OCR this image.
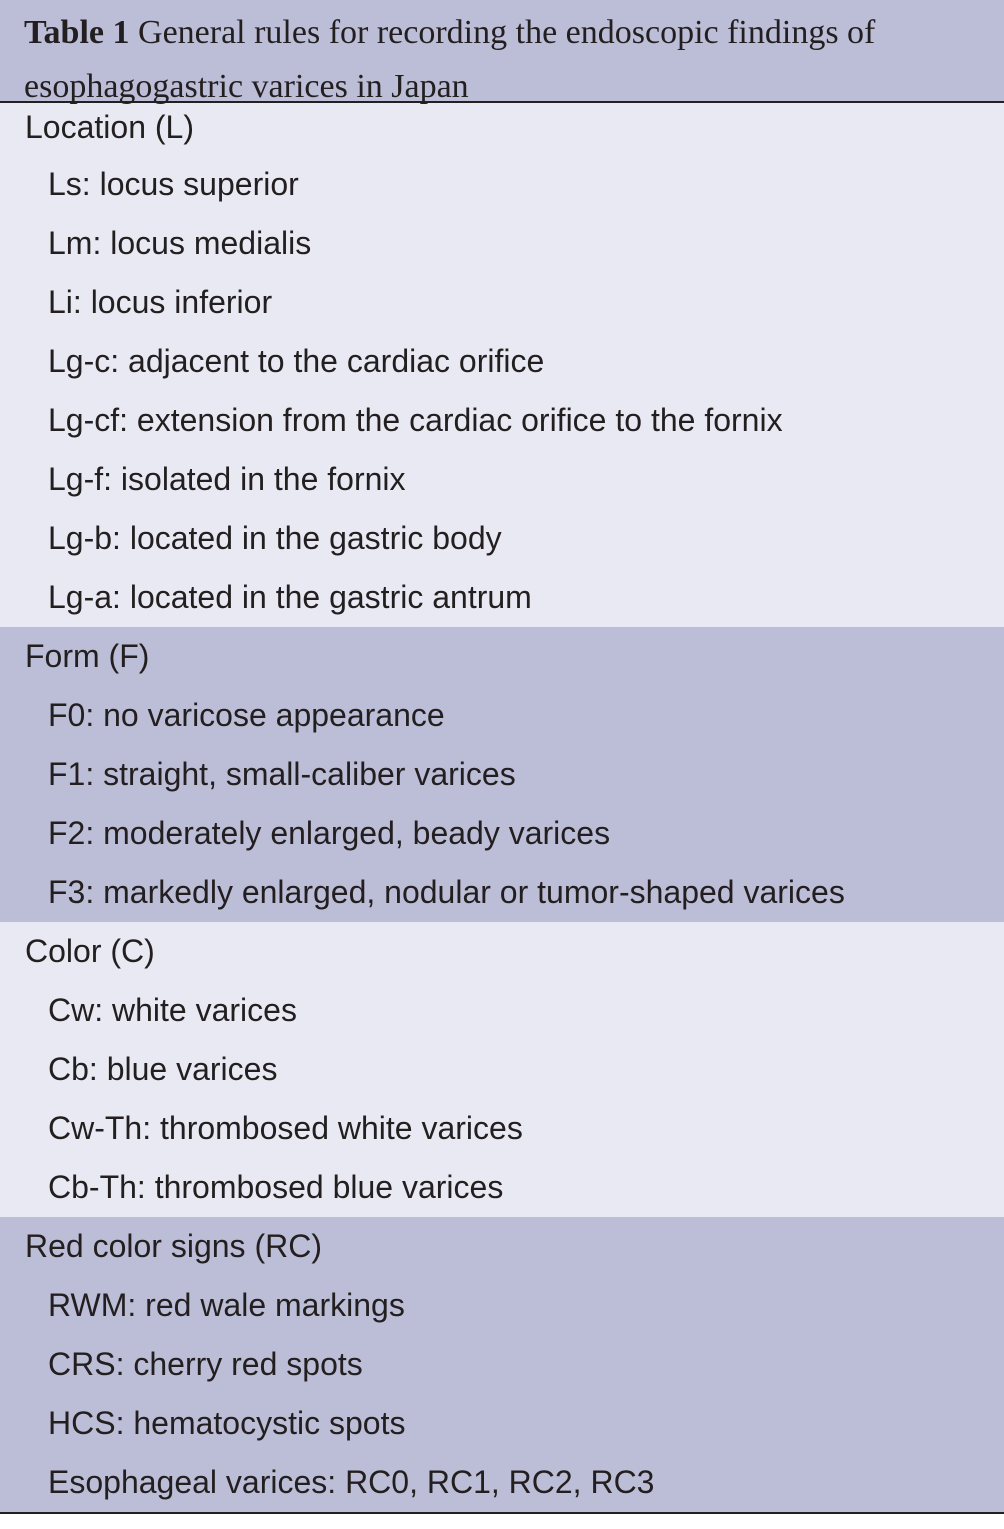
Table 1 General rules for recording the endoscopic findings of esophagogastric varices in Japan
Location (L)
Ls: locus superior
Lm: locus medialis
Li: locus inferior
Lg-c: adjacent to the cardiac orifice
Lg-cf: extension from the cardiac orifice to the fornix
Lg-f: isolated in the fornix
Lg-b: located in the gastric body
Lg-a: located in the gastric antrum
Form (F)
F0: no varicose appearance
F1: straight, small-caliber varices
F2: moderately enlarged, beady varices
F3: markedly enlarged, nodular or tumor-shaped varices
Color (C)
Cw: white varices
Cb: blue varices
Cw-Th: thrombosed white varices
Cb-Th: thrombosed blue varices
Red color signs (RC)
RWM: red wale markings
CRS: cherry red spots
HCS: hematocystic spots
Esophageal varices: RC0, RC1, RC2, RC3
